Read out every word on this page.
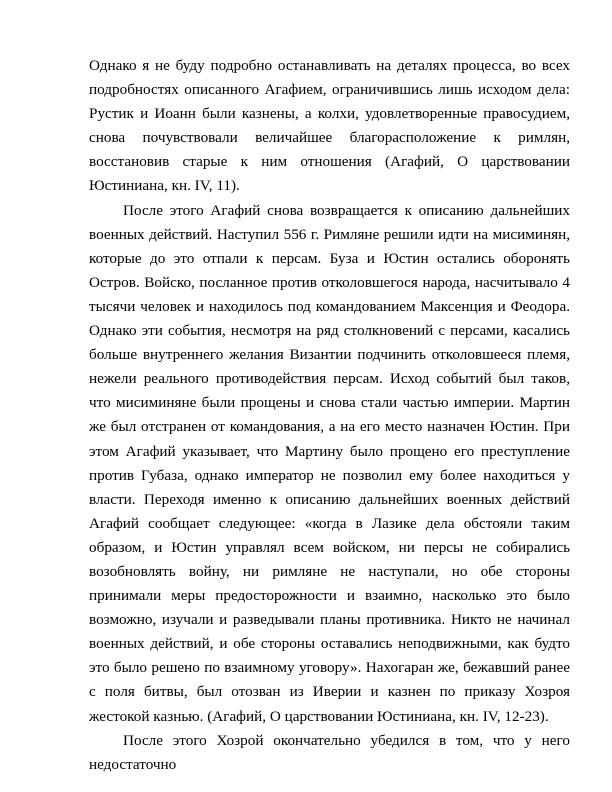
Однако я не буду подробно останавливать на деталях процесса, во всех подробностях описанного Агафием, ограничившись лишь исходом дела: Рустик и Иоанн были казнены, а колхи, удовлетворенные правосудием, снова почувствовали величайшее благорасположение к римлян, восстановив старые к ним отношения (Агафий, О царствовании Юстиниана, кн. IV, 11).

После этого Агафий снова возвращается к описанию дальнейших военных действий. Наступил 556 г. Римляне решили идти на мисиминян, которые до это отпали к персам. Буза и Юстин остались оборонять Остров. Войско, посланное против отколовшегося народа, насчитывало 4 тысячи человек и находилось под командованием Максенция и Феодора. Однако эти события, несмотря на ряд столкновений с персами, касались больше внутреннего желания Византии подчинить отколовшееся племя, нежели реального противодействия персам. Исход событий был таков, что мисиминяне были прощены и снова стали частью империи. Мартин же был отстранен от командования, а на его место назначен Юстин. При этом Агафий указывает, что Мартину было прощено его преступление против Губаза, однако император не позволил ему более находиться у власти. Переходя именно к описанию дальнейших военных действий Агафий сообщает следующее: «когда в Лазике дела обстояли таким образом, и Юстин управлял всем войском, ни персы не собирались возобновлять войну, ни римляне не наступали, но обе стороны принимали меры предосторожности и взаимно, насколько это было возможно, изучали и разведывали планы противника. Никто не начинал военных действий, и обе стороны оставались неподвижными, как будто это было решено по взаимному уговору». Нахогаран же, бежавший ранее с поля битвы, был отозван из Иверии и казнен по приказу Хозроя жестокой казнью. (Агафий, О царствовании Юстиниана, кн. IV, 12-23).

После этого Хозрой окончательно убедился в том, что у него недостаточно
